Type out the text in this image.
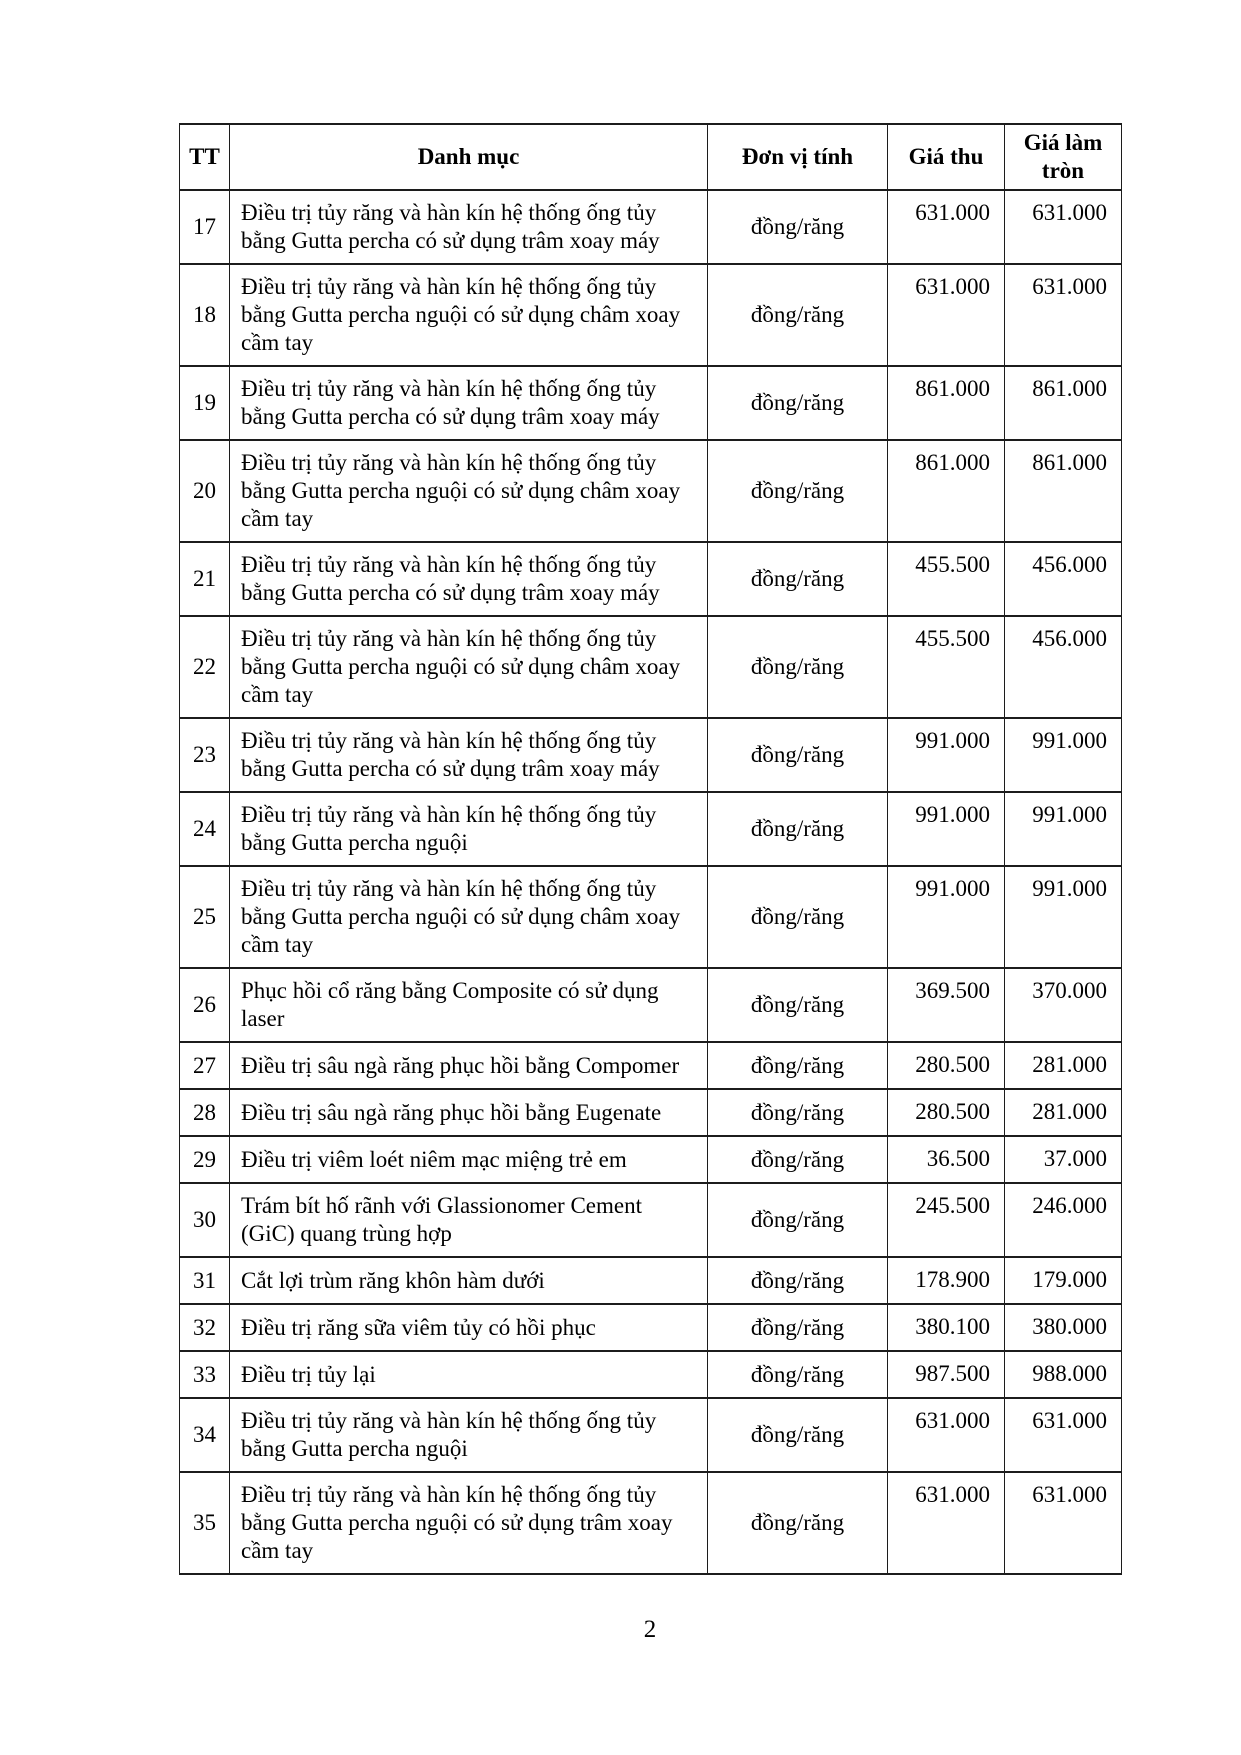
TT	Danh mục	Đơn vị tính	Giá thu	Giá làm tròn
17	Điều trị tủy răng và hàn kín hệ thống ống tủy bằng Gutta percha có sử dụng trâm xoay máy	đồng/răng	631.000	631.000
18	Điều trị tủy răng và hàn kín hệ thống ống tủy bằng Gutta percha nguội có sử dụng châm xoay cầm tay	đồng/răng	631.000	631.000
19	Điều trị tủy răng và hàn kín hệ thống ống tủy bằng Gutta percha có sử dụng trâm xoay máy	đồng/răng	861.000	861.000
20	Điều trị tủy răng và hàn kín hệ thống ống tủy bằng Gutta percha nguội có sử dụng châm xoay cầm tay	đồng/răng	861.000	861.000
21	Điều trị tủy răng và hàn kín hệ thống ống tủy bằng Gutta percha có sử dụng trâm xoay máy	đồng/răng	455.500	456.000
22	Điều trị tủy răng và hàn kín hệ thống ống tủy bằng Gutta percha nguội có sử dụng châm xoay cầm tay	đồng/răng	455.500	456.000
23	Điều trị tủy răng và hàn kín hệ thống ống tủy bằng Gutta percha có sử dụng trâm xoay máy	đồng/răng	991.000	991.000
24	Điều trị tủy răng và hàn kín hệ thống ống tủy bằng Gutta percha nguội	đồng/răng	991.000	991.000
25	Điều trị tủy răng và hàn kín hệ thống ống tủy bằng Gutta percha nguội có sử dụng châm xoay cầm tay	đồng/răng	991.000	991.000
26	Phục hồi cổ răng bằng Composite có sử dụng laser	đồng/răng	369.500	370.000
27	Điều trị sâu ngà răng phục hồi bằng Compomer	đồng/răng	280.500	281.000
28	Điều trị sâu ngà răng phục hồi bằng Eugenate	đồng/răng	280.500	281.000
29	Điều trị viêm loét niêm mạc miệng trẻ em	đồng/răng	36.500	37.000
30	Trám bít hố rãnh với Glassionomer Cement (GiC) quang trùng hợp	đồng/răng	245.500	246.000
31	Cắt lợi trùm răng khôn hàm dưới	đồng/răng	178.900	179.000
32	Điều trị răng sữa viêm tủy có hồi phục	đồng/răng	380.100	380.000
33	Điều trị tủy lại	đồng/răng	987.500	988.000
34	Điều trị tủy răng và hàn kín hệ thống ống tủy bằng Gutta percha nguội	đồng/răng	631.000	631.000
35	Điều trị tủy răng và hàn kín hệ thống ống tủy bằng Gutta percha nguội có sử dụng trâm xoay cầm tay	đồng/răng	631.000	631.000
2
